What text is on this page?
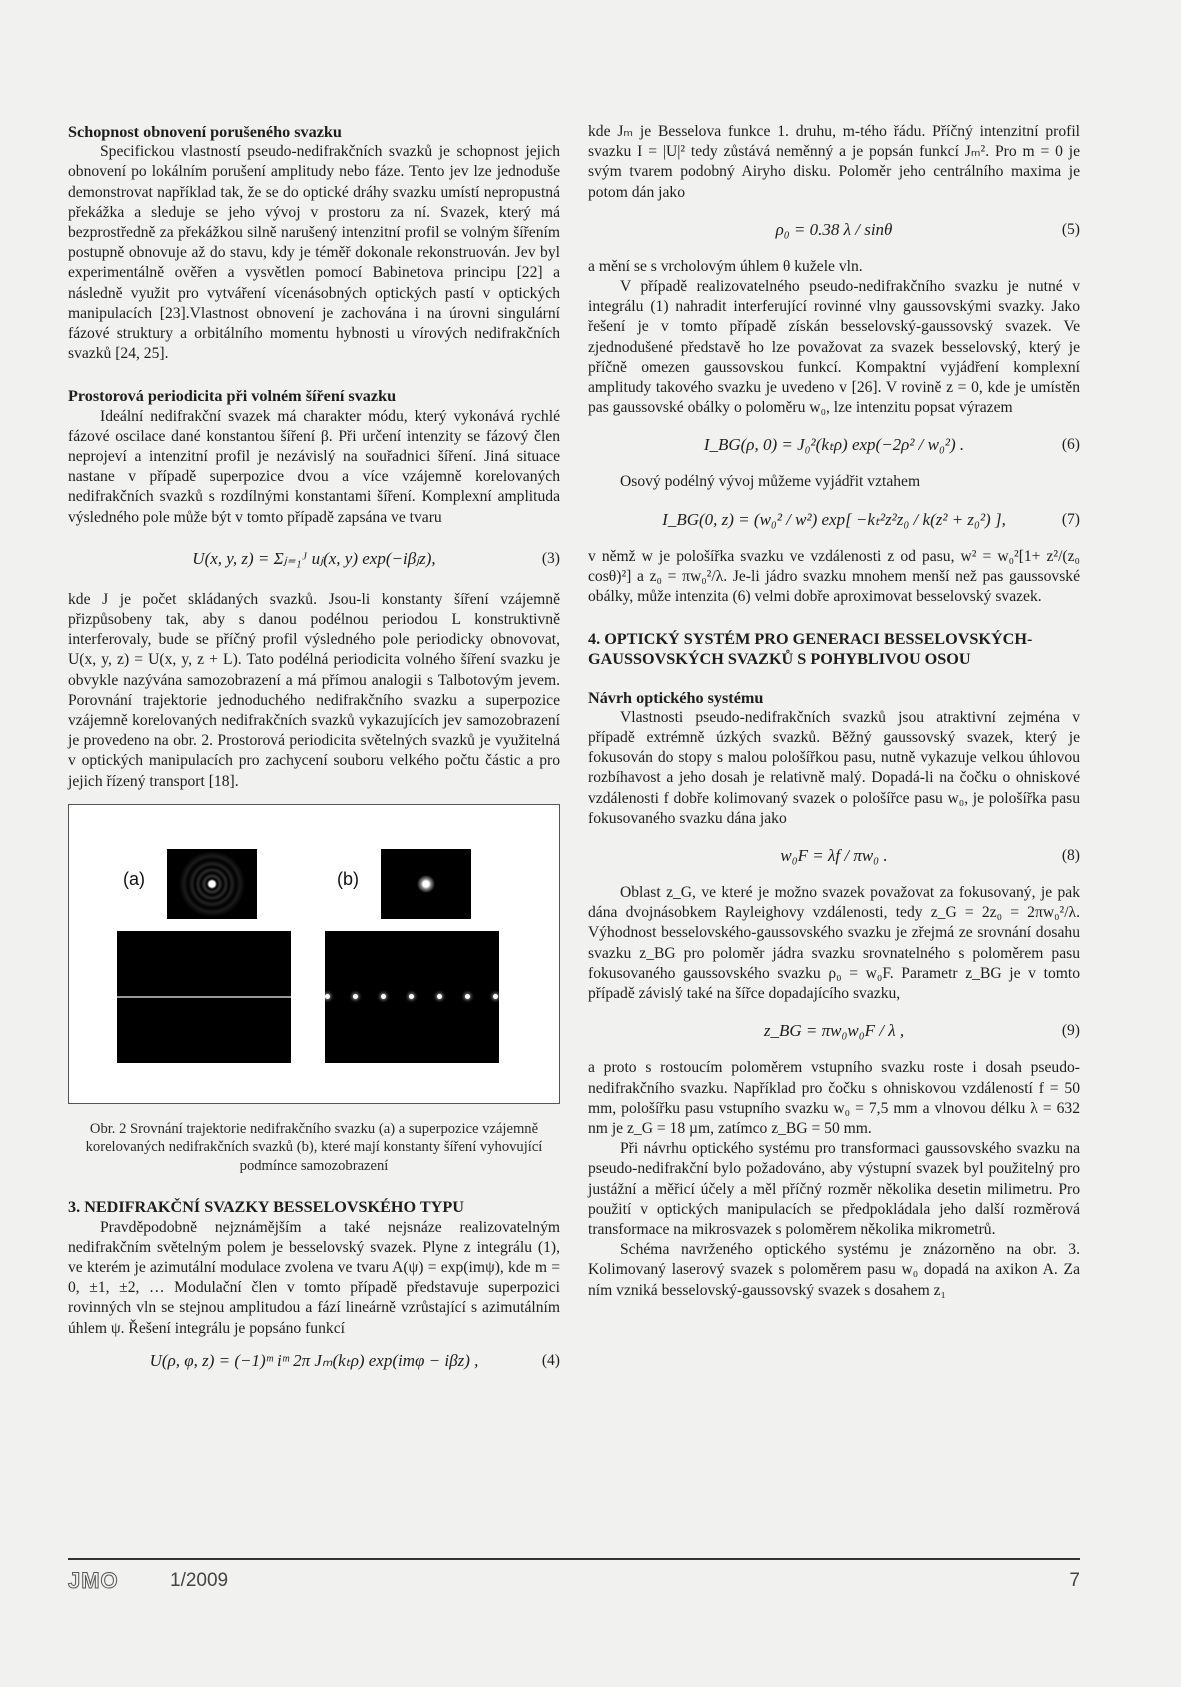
Schopnost obnovení porušeného svazku

Specifickou vlastností pseudo-nedifrakčních svazků je schopnost jejich obnovení po lokálním porušení amplitudy nebo fáze. Tento jev lze jednoduše demonstrovat například tak, že se do optické dráhy svazku umístí nepropustná překážka a sleduje se jeho vývoj v prostoru za ní. Svazek, který má bezprostředně za překážkou silně narušený intenzitní profil se volným šířením postupně obnovuje až do stavu, kdy je téměř dokonale rekonstruován. Jev byl experimentálně ověřen a vysvětlen pomocí Babinetova principu [22] a následně využit pro vytváření vícenásobných optických pastí v optických manipulacích [23].Vlastnost obnovení je zachována i na úrovni singulární fázové struktury a orbitálního momentu hybnosti u vírových nedifrakčních svazků [24, 25].

Prostorová periodicita při volném šíření svazku

Ideální nedifrakční svazek má charakter módu, který vykonává rychlé fázové oscilace dané konstantou šíření β. Při určení intenzity se fázový člen neprojeví a intenzitní profil je nezávislý na souřadnici šíření. Jiná situace nastane v případě superpozice dvou a více vzájemně korelovaných nedifrakčních svazků s rozdílnými konstantami šíření. Komplexní amplituda výsledného pole může být v tomto případě zapsána ve tvaru

U(x, y, z) = Σⱼ₌₁ᴶ uⱼ(x, y) exp(−iβⱼz),	(3)

kde J je počet skládaných svazků. Jsou-li konstanty šíření vzájemně přizpůsobeny tak, aby s danou podélnou periodou L konstruktivně interferovaly, bude se příčný profil výsledného pole periodicky obnovovat, U(x, y, z) = U(x, y, z + L). Tato podélná periodicita volného šíření svazku je obvykle nazývána samozobrazení a má přímou analogii s Talbotovým jevem. Porovnání trajektorie jednoduchého nedifrakčního svazku a superpozice vzájemně korelovaných nedifrakčních svazků vykazujících jev samozobrazení je provedeno na obr. 2. Prostorová periodicita světelných svazků je využitelná v optických manipulacích pro zachycení souboru velkého počtu částic a pro jejich řízený transport [18].

(a)	(b)
Obr. 2 Srovnání trajektorie nedifrakčního svazku (a) a superpozice vzájemně korelovaných nedifrakčních svazků (b), které mají konstanty šíření vyhovující podmínce samozobrazení
3. NEDIFRAKČNÍ SVAZKY BESSELOVSKÉHO TYPU

Pravděpodobně nejznámějším a také nejsnáze realizovatelným nedifrakčním světelným polem je besselovský svazek. Plyne z integrálu (1), ve kterém je azimutální modulace zvolena ve tvaru A(ψ) = exp(imψ), kde m = 0, ±1, ±2, … Modulační člen v tomto případě představuje superpozici rovinných vln se stejnou amplitudou a fází lineárně vzrůstající s azimutálním úhlem ψ. Řešení integrálu je popsáno funkcí

U(ρ, φ, z) = (−1)ᵐ iᵐ 2π Jₘ(kₜρ) exp(imφ − iβz) ,	(4)

kde Jₘ je Besselova funkce 1. druhu, m-tého řádu. Příčný intenzitní profil svazku I = |U|² tedy zůstává neměnný a je popsán funkcí Jₘ². Pro m = 0 je svým tvarem podobný Airyho disku. Poloměr jeho centrálního maxima je potom dán jako

ρ₀ = 0.38 λ / sinθ	(5)

a mění se s vrcholovým úhlem θ kužele vln.

V případě realizovatelného pseudo-nedifrakčního svazku je nutné v integrálu (1) nahradit interferující rovinné vlny gaussovskými svazky. Jako řešení je v tomto případě získán besselovský-gaussovský svazek. Ve zjednodušené představě ho lze považovat za svazek besselovský, který je příčně omezen gaussovskou funkcí. Kompaktní vyjádření komplexní amplitudy takového svazku je uvedeno v [26]. V rovině z = 0, kde je umístěn pas gaussovské obálky o poloměru w₀, lze intenzitu popsat výrazem

I_BG(ρ, 0) = J₀²(kₜρ) exp(−2ρ² / w₀²) .	(6)

Osový podélný vývoj můžeme vyjádřit vztahem

I_BG(0, z) = (w₀² / w²) exp[ −kₜ²z²z₀ / k(z² + z₀²) ],	(7)

v němž w je pološířka svazku ve vzdálenosti z od pasu, w² = w₀²[1+ z²/(z₀ cosθ)²] a z₀ = πw₀²/λ. Je-li jádro svazku mnohem menší než pas gaussovské obálky, může intenzita (6) velmi dobře aproximovat besselovský svazek.

4. OPTICKÝ SYSTÉM PRO GENERACI BESSELOVSKÝCH-GAUSSOVSKÝCH SVAZKŮ S POHYBLIVOU OSOU
Návrh optického systému

Vlastnosti pseudo-nedifrakčních svazků jsou atraktivní zejména v případě extrémně úzkých svazků. Běžný gaussovský svazek, který je fokusován do stopy s malou pološířkou pasu, nutně vykazuje velkou úhlovou rozbíhavost a jeho dosah je relativně malý. Dopadá-li na čočku o ohniskové vzdálenosti f dobře kolimovaný svazek o pološířce pasu w₀, je pološířka pasu fokusovaného svazku dána jako

w₀F = λf / πw₀ .	(8)

Oblast z_G, ve které je možno svazek považovat za fokusovaný, je pak dána dvojnásobkem Rayleighovy vzdálenosti, tedy z_G = 2z₀ = 2πw₀²/λ. Výhodnost besselovského-gaussovského svazku je zřejmá ze srovnání dosahu svazku z_BG pro poloměr jádra svazku srovnatelného s poloměrem pasu fokusovaného gaussovského svazku ρ₀ = w₀F. Parametr z_BG je v tomto případě závislý také na šířce dopadajícího svazku,

z_BG = πw₀w₀F / λ ,	(9)

a proto s rostoucím poloměrem vstupního svazku roste i dosah pseudo-nedifrakčního svazku. Například pro čočku s ohniskovou vzdáleností f = 50 mm, pološířku pasu vstupního svazku w₀ = 7,5 mm a vlnovou délku λ = 632 nm je z_G = 18 µm, zatímco z_BG = 50 mm.

Při návrhu optického systému pro transformaci gaussovského svazku na pseudo-nedifrakční bylo požadováno, aby výstupní svazek byl použitelný pro justážní a měřicí účely a měl příčný rozměr několika desetin milimetru. Pro použití v optických manipulacích se předpokládala jeho další rozměrová transformace na mikrosvazek s poloměrem několika mikrometrů.

Schéma navrženého optického systému je znázorněno na obr. 3. Kolimovaný laserový svazek s poloměrem pasu w₀ dopadá na axikon A. Za ním vzniká besselovský-gaussovský svazek s dosahem z₁

JMO	1/2009	7
